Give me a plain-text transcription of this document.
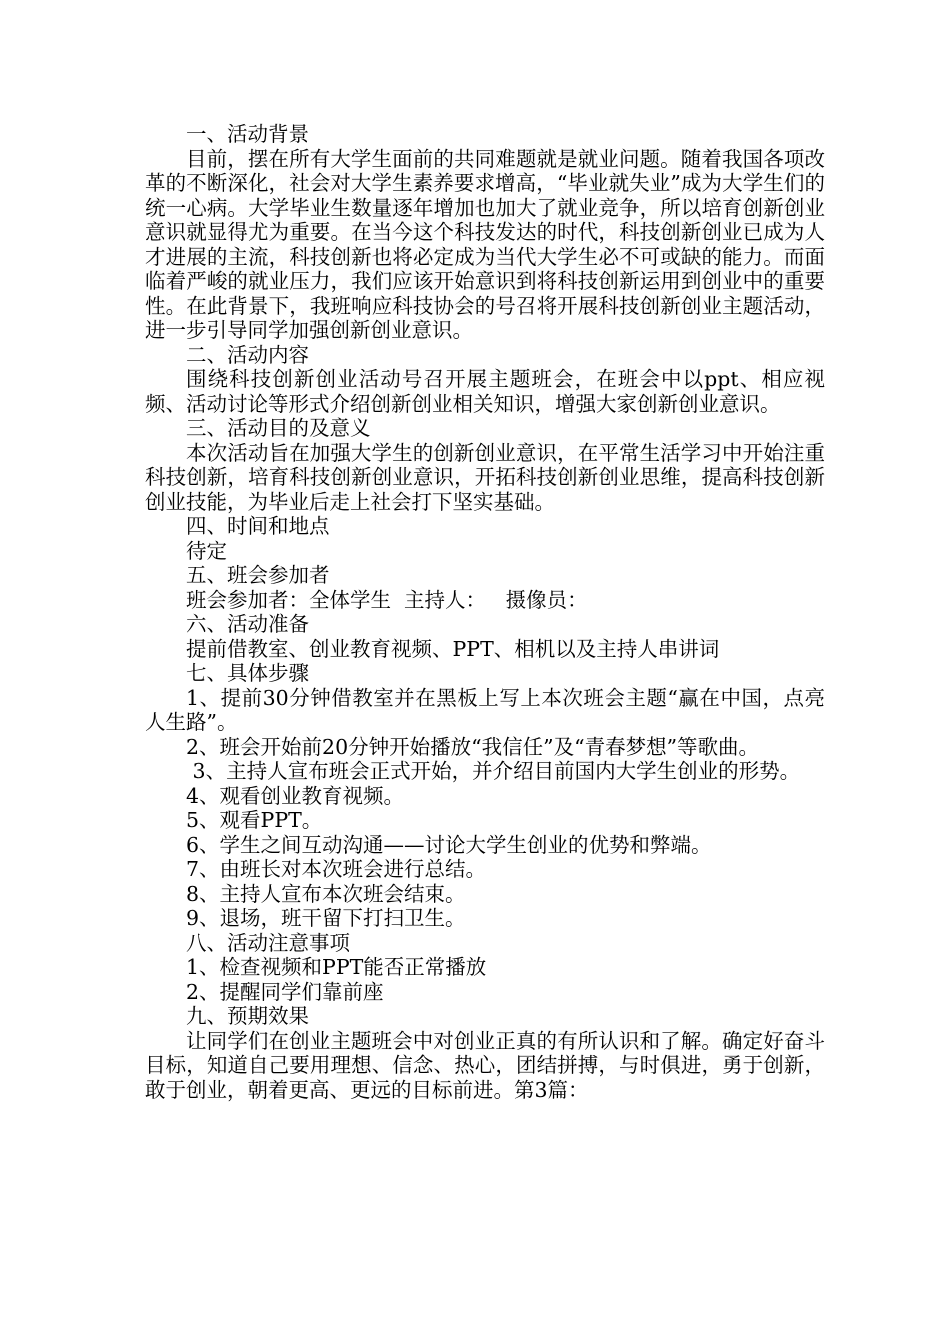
一、活动背景

目前，摆在所有大学生面前的共同难题就是就业问题。随着我国各项改革的不断深化，社会对大学生素养要求增高，“毕业就失业”成为大学生们的统一心病。大学毕业生数量逐年增加也加大了就业竞争，所以培育创新创业意识就显得尤为重要。在当今这个科技发达的时代，科技创新创业已成为人才进展的主流，科技创新也将必定成为当代大学生必不可或缺的能力。而面临着严峻的就业压力，我们应该开始意识到将科技创新运用到创业中的重要性。在此背景下，我班响应科技协会的号召将开展科技创新创业主题活动，进一步引导同学加强创新创业意识。

二、活动内容

围绕科技创新创业活动号召开展主题班会，在班会中以ppt、相应视频、活动讨论等形式介绍创新创业相关知识，增强大家创新创业意识。

三、活动目的及意义

本次活动旨在加强大学生的创新创业意识，在平常生活学习中开始注重科技创新，培育科技创新创业意识，开拓科技创新创业思维，提高科技创新创业技能，为毕业后走上社会打下坚实基础。

四、时间和地点

待定

五、班会参加者

班会参加者：全体学生  主持人：   摄像员：

六、活动准备

提前借教室、创业教育视频、PPT、相机以及主持人串讲词

七、具体步骤

1、提前30分钟借教室并在黑板上写上本次班会主题“赢在中国，点亮人生路”。

2、班会开始前20分钟开始播放“我信任”及“青春梦想”等歌曲。

3、主持人宣布班会正式开始，并介绍目前国内大学生创业的形势。

4、观看创业教育视频。

5、观看PPT。

6、学生之间互动沟通——讨论大学生创业的优势和弊端。

7、由班长对本次班会进行总结。

8、主持人宣布本次班会结束。

9、退场，班干留下打扫卫生。

八、活动注意事项

1、检查视频和PPT能否正常播放

2、提醒同学们靠前座

九、预期效果

让同学们在创业主题班会中对创业正真的有所认识和了解。确定好奋斗目标，知道自己要用理想、信念、热心，团结拼搏，与时俱进，勇于创新，敢于创业，朝着更高、更远的目标前进。第3篇：
